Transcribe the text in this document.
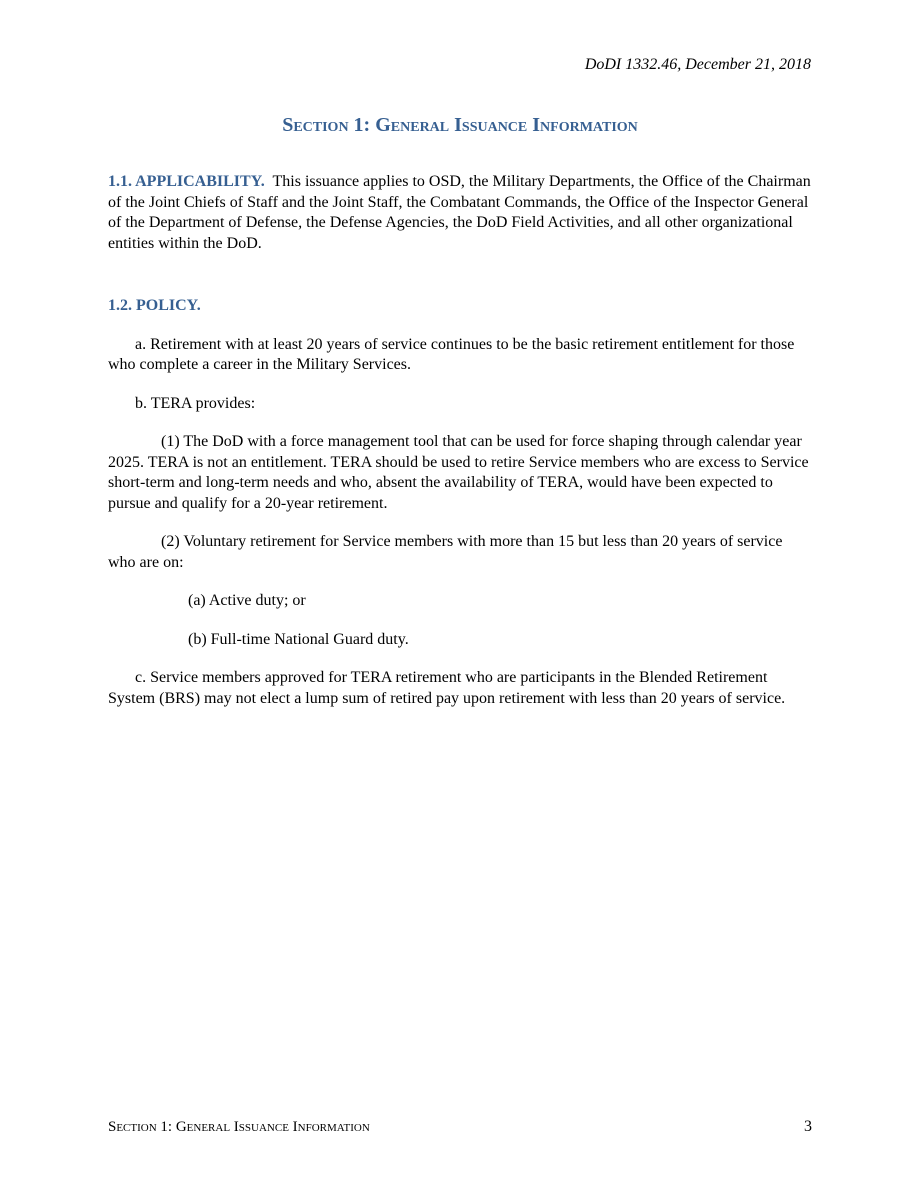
DoDI 1332.46, December 21, 2018
Section 1: General Issuance Information

1.1. APPLICABILITY. This issuance applies to OSD, the Military Departments, the Office of the Chairman of the Joint Chiefs of Staff and the Joint Staff, the Combatant Commands, the Office of the Inspector General of the Department of Defense, the Defense Agencies, the DoD Field Activities, and all other organizational entities within the DoD.

1.2. POLICY.

a. Retirement with at least 20 years of service continues to be the basic retirement entitlement for those who complete a career in the Military Services.

b. TERA provides:

(1) The DoD with a force management tool that can be used for force shaping through calendar year 2025. TERA is not an entitlement. TERA should be used to retire Service members who are excess to Service short-term and long-term needs and who, absent the availability of TERA, would have been expected to pursue and qualify for a 20-year retirement.

(2) Voluntary retirement for Service members with more than 15 but less than 20 years of service who are on:

(a) Active duty; or

(b) Full-time National Guard duty.

c. Service members approved for TERA retirement who are participants in the Blended Retirement System (BRS) may not elect a lump sum of retired pay upon retirement with less than 20 years of service.

Section 1: General Issuance Information	3
